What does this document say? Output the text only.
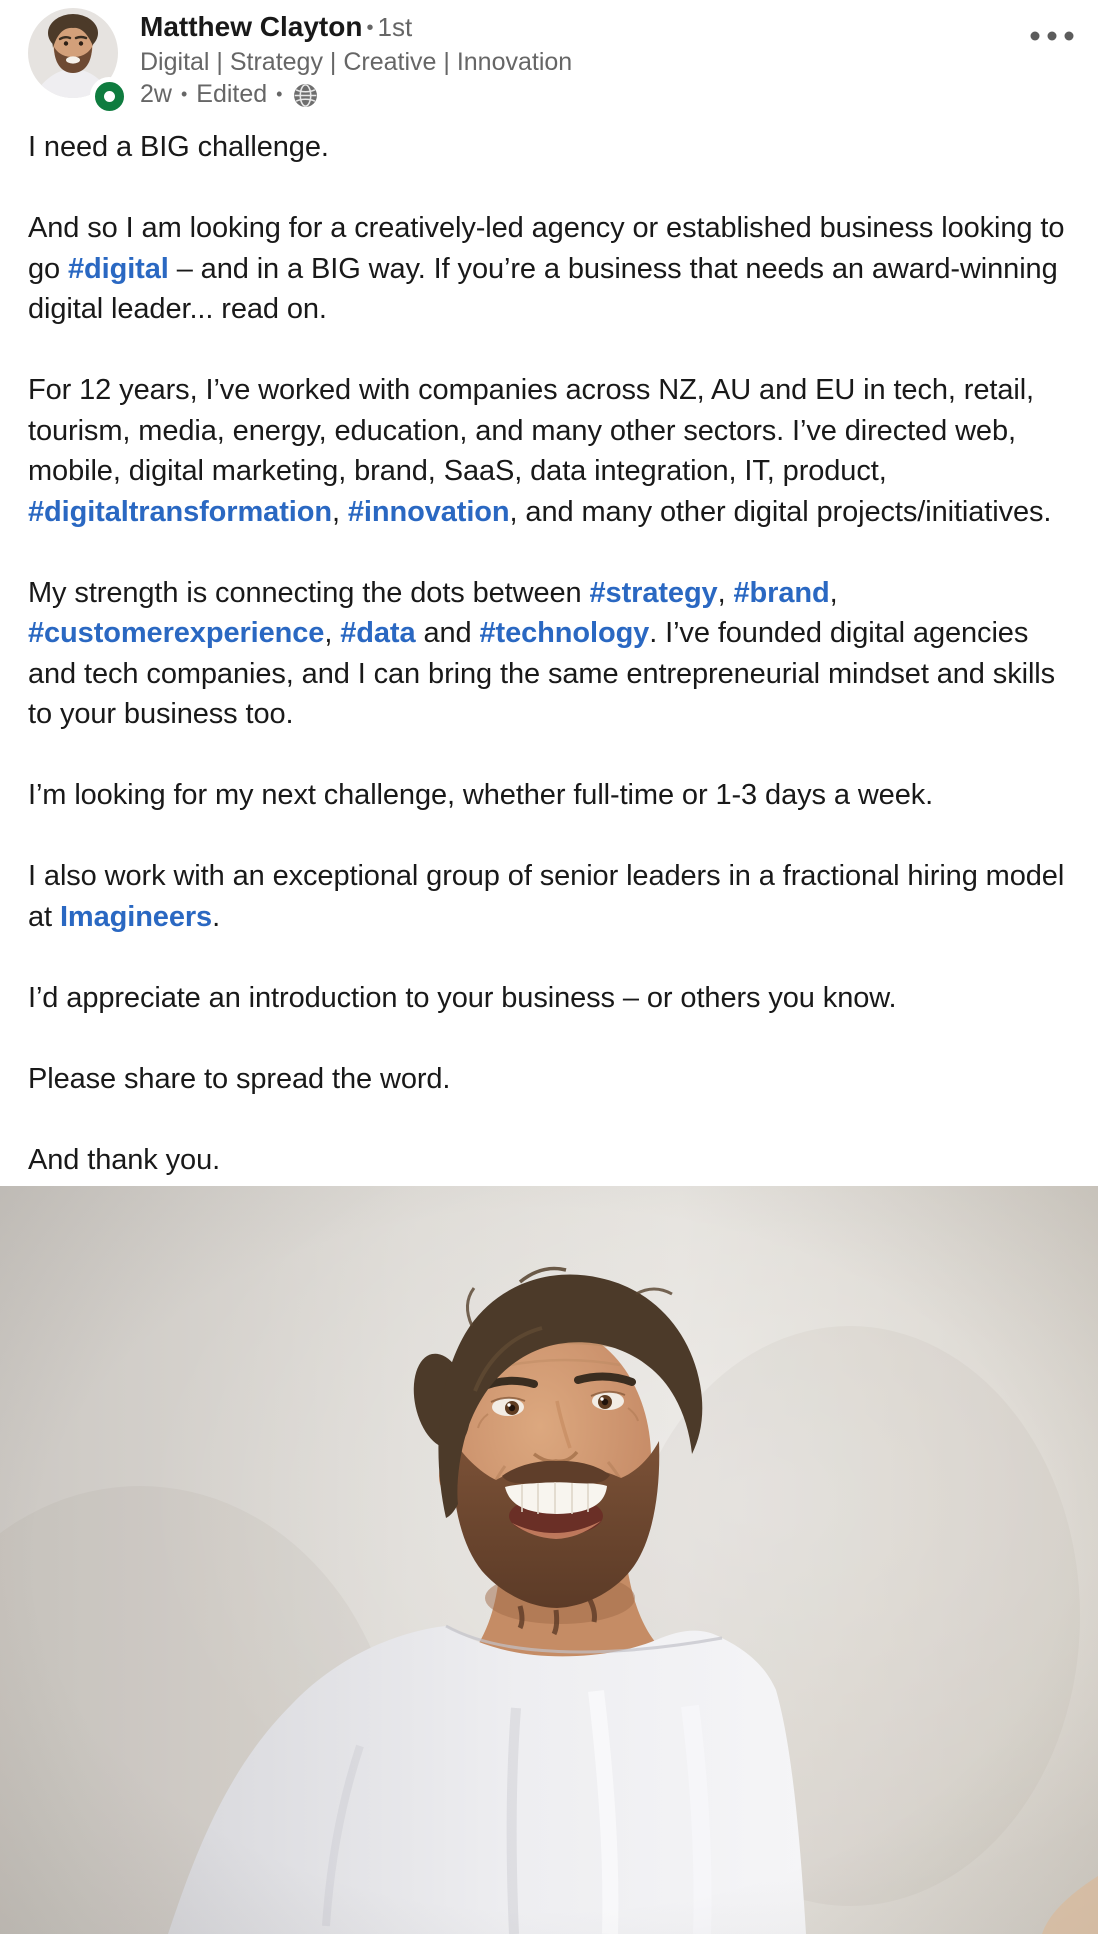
Matthew Clayton • 1st
Digital | Strategy | Creative | Innovation
2w • Edited •

I need a BIG challenge.

And so I am looking for a creatively-led agency or established business looking to go #digital – and in a BIG way. If you’re a business that needs an award-winning digital leader... read on.

For 12 years, I’ve worked with companies across NZ, AU and EU in tech, retail, tourism, media, energy, education, and many other sectors. I’ve directed web, mobile, digital marketing, brand, SaaS, data integration, IT, product, #digitaltransformation, #innovation, and many other digital projects/initiatives.

My strength is connecting the dots between #strategy, #brand, #customerexperience, #data and #technology. I’ve founded digital agencies and tech companies, and I can bring the same entrepreneurial mindset and skills to your business too.

I’m looking for my next challenge, whether full-time or 1-3 days a week.

I also work with an exceptional group of senior leaders in a fractional hiring model at Imagineers.

I’d appreciate an introduction to your business – or others you know.

Please share to spread the word.

And thank you.
